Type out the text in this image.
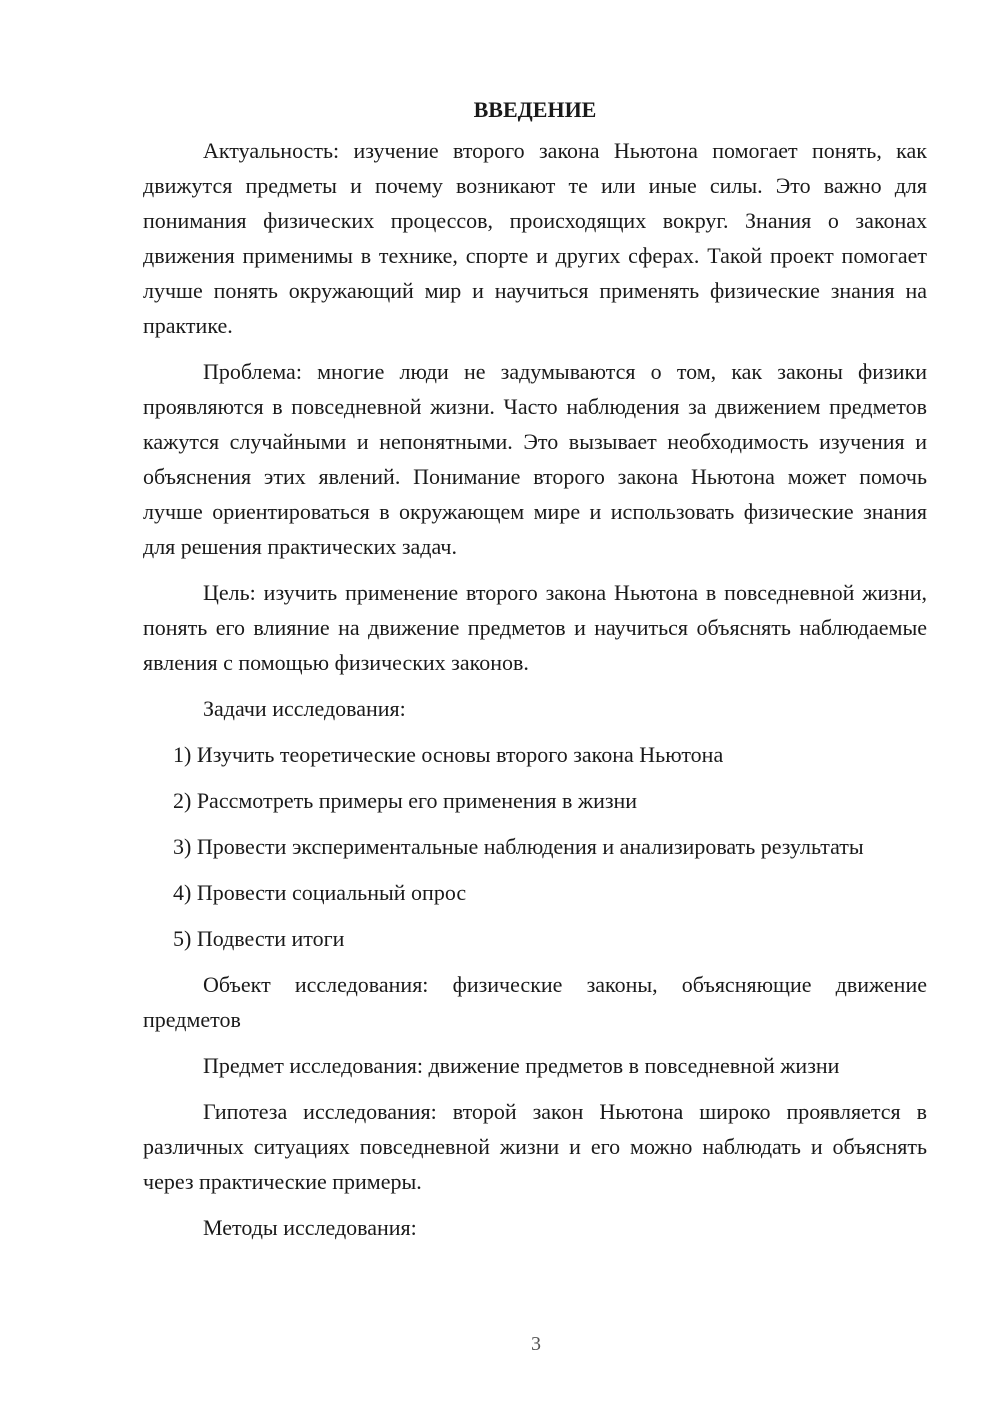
ВВЕДЕНИЕ

Актуальность: изучение второго закона Ньютона помогает понять, как движутся предметы и почему возникают те или иные силы. Это важно для понимания физических процессов, происходящих вокруг. Знания о законах движения применимы в технике, спорте и других сферах. Такой проект помогает лучше понять окружающий мир и научиться применять физические знания на практике.

Проблема: многие люди не задумываются о том, как законы физики проявляются в повседневной жизни. Часто наблюдения за движением предметов кажутся случайными и непонятными. Это вызывает необходимость изучения и объяснения этих явлений. Понимание второго закона Ньютона может помочь лучше ориентироваться в окружающем мире и использовать физические знания для решения практических задач.

Цель: изучить применение второго закона Ньютона в повседневной жизни, понять его влияние на движение предметов и научиться объяснять наблюдаемые явления с помощью физических законов.

Задачи исследования:

1) Изучить теоретические основы второго закона Ньютона

2) Рассмотреть примеры его применения в жизни

3) Провести экспериментальные наблюдения и анализировать результаты

4) Провести социальный опрос

5) Подвести итоги

Объект исследования: физические законы, объясняющие движение предметов

Предмет исследования: движение предметов в повседневной жизни

Гипотеза исследования: второй закон Ньютона широко проявляется в различных ситуациях повседневной жизни и его можно наблюдать и объяснять через практические примеры.

Методы исследования:

3
